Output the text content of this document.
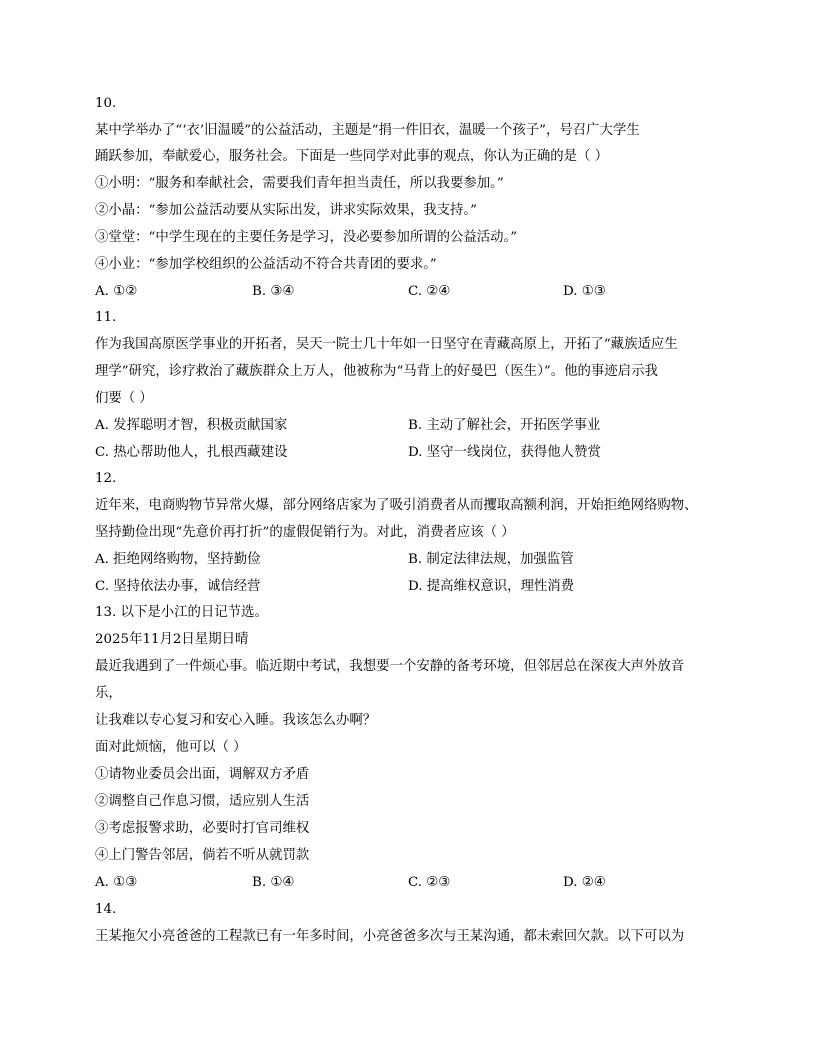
10.
某中学举办了“‘衣’旧温暖”的公益活动，主题是“捐一件旧衣，温暖一个孩子”，号召广大学生
踊跃参加，奉献爱心，服务社会。下面是一些同学对此事的观点，你认为正确的是（ ）
①小明：“服务和奉献社会，需要我们青年担当责任，所以我要参加。”
②小晶：“参加公益活动要从实际出发，讲求实际效果，我支持。”
③堂堂：“中学生现在的主要任务是学习，没必要参加所谓的公益活动。”
④小业：“参加学校组织的公益活动不符合共青团的要求。”
A. ①②	B. ③④	C. ②④	D. ①③
11.
作为我国高原医学事业的开拓者，吴天一院士几十年如一日坚守在青藏高原上，开拓了“藏族适应生
理学”研究，诊疗救治了藏族群众上万人，他被称为“马背上的好曼巴（医生）”。他的事迹启示我
们要（ ）
A. 发挥聪明才智，积极贡献国家	B. 主动了解社会，开拓医学事业
C. 热心帮助他人，扎根西藏建设	D. 坚守一线岗位，获得他人赞赏
12.
近年来，电商购物节异常火爆，部分网络店家为了吸引消费者从而攫取高额利润，开始拒绝网络购物、
坚持勤俭出现“先意价再打折”的虚假促销行为。对此，消费者应该（ ）
A. 拒绝网络购物，坚持勤俭	B. 制定法律法规，加强监管
C. 坚持依法办事，诚信经营	D. 提高维权意识，理性消费
13. 以下是小江的日记节选。
2025年11月2日星期日晴
最近我遇到了一件烦心事。临近期中考试，我想要一个安静的备考环境，但邻居总在深夜大声外放音
乐，
让我难以专心复习和安心入睡。我该怎么办啊？
面对此烦恼，他可以（ ）
①请物业委员会出面，调解双方矛盾
②调整自己作息习惯，适应别人生活
③考虑报警求助，必要时打官司维权
④上门警告邻居，倘若不听从就罚款
A. ①③	B. ①④	C. ②③	D. ②④
14.
王某拖欠小亮爸爸的工程款已有一年多时间，小亮爸爸多次与王某沟通，都未索回欠款。以下可以为
